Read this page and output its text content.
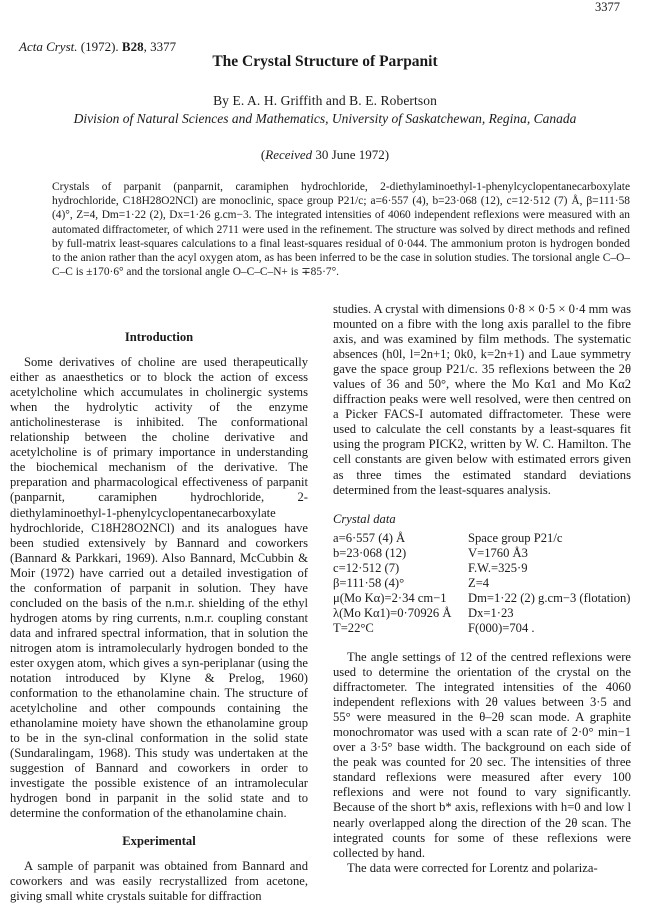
3377
Acta Cryst. (1972). B28, 3377
The Crystal Structure of Parpanit
By E. A. H. Griffith and B. E. Robertson
Division of Natural Sciences and Mathematics, University of Saskatchewan, Regina, Canada
(Received 30 June 1972)
Crystals of parpanit (panparnit, caramiphen hydrochloride, 2-diethylaminoethyl-1-phenylcyclopentanecarboxylate hydrochloride, C18H28O2NCl) are monoclinic, space group P21/c; a=6·557 (4), b=23·068 (12), c=12·512 (7) Å, β=111·58 (4)°, Z=4, Dm=1·22 (2), Dx=1·26 g.cm−3. The integrated intensities of 4060 independent reflexions were measured with an automated diffractometer, of which 2711 were used in the refinement. The structure was solved by direct methods and refined by full-matrix least-squares calculations to a final least-squares residual of 0·044. The ammonium proton is hydrogen bonded to the anion rather than the acyl oxygen atom, as has been inferred to be the case in solution studies. The torsional angle C–O–C–C is ±170·6° and the torsional angle O–C–C–N+ is ∓85·7°.
Introduction

Some derivatives of choline are used therapeutically either as anaesthetics or to block the action of excess acetylcholine which accumulates in cholinergic systems when the hydrolytic activity of the enzyme anticholinesterase is inhibited. The conformational relationship between the choline derivative and acetylcholine is of primary importance in understanding the biochemical mechanism of the derivative. The preparation and pharmacological effectiveness of parpanit (panparnit, caramiphen hydrochloride, 2-diethylaminoethyl-1-phenylcyclopentanecarboxylate hydrochloride, C18H28O2NCl) and its analogues have been studied extensively by Bannard and coworkers (Bannard & Parkkari, 1969). Also Bannard, McCubbin & Moir (1972) have carried out a detailed investigation of the conformation of parpanit in solution. They have concluded on the basis of the n.m.r. shielding of the ethyl hydrogen atoms by ring currents, n.m.r. coupling constant data and infrared spectral information, that in solution the nitrogen atom is intramolecularly hydrogen bonded to the ester oxygen atom, which gives a syn-periplanar (using the notation introduced by Klyne & Prelog, 1960) conformation to the ethanolamine chain. The structure of acetylcholine and other compounds containing the ethanolamine moiety have shown the ethanolamine group to be in the syn-clinal conformation in the solid state (Sundaralingam, 1968). This study was undertaken at the suggestion of Bannard and coworkers in order to investigate the possible existence of an intramolecular hydrogen bond in parpanit in the solid state and to determine the conformation of the ethanolamine chain.

Experimental

A sample of parpanit was obtained from Bannard and coworkers and was easily recrystallized from acetone, giving small white crystals suitable for diffraction

studies. A crystal with dimensions 0·8 × 0·5 × 0·4 mm was mounted on a fibre with the long axis parallel to the fibre axis, and was examined by film methods. The systematic absences (h0l, l=2n+1; 0k0, k=2n+1) and Laue symmetry gave the space group P21/c. 35 reflexions between the 2θ values of 36 and 50°, where the Mo Kα1 and Mo Kα2 diffraction peaks were well resolved, were then centred on a Picker FACS-I automated diffractometer. These were used to calculate the cell constants by a least-squares fit using the program PICK2, written by W. C. Hamilton. The cell constants are given below with estimated errors given as three times the estimated standard deviations determined from the least-squares analysis.

Crystal data
a=6·557 (4) Å	Space group P21/c
b=23·068 (12)	V=1760 Å3
c=12·512 (7)	F.W.=325·9
β=111·58 (4)°	Z=4
μ(Mo Kα)=2·34 cm−1	Dm=1·22 (2) g.cm−3 (flotation)
λ(Mo Kα1)=0·70926 Å	Dx=1·23
T=22°C	F(000)=704 .

The angle settings of 12 of the centred reflexions were used to determine the orientation of the crystal on the diffractometer. The integrated intensities of the 4060 independent reflexions with 2θ values between 3·5 and 55° were measured in the θ–2θ scan mode. A graphite monochromator was used with a scan rate of 2·0° min−1 over a 3·5° base width. The background on each side of the peak was counted for 20 sec. The intensities of three standard reflexions were measured after every 100 reflexions and were not found to vary significantly. Because of the short b* axis, reflexions with h=0 and low l nearly overlapped along the direction of the 2θ scan. The integrated counts for some of these reflexions were collected by hand.

The data were corrected for Lorentz and polariza-
